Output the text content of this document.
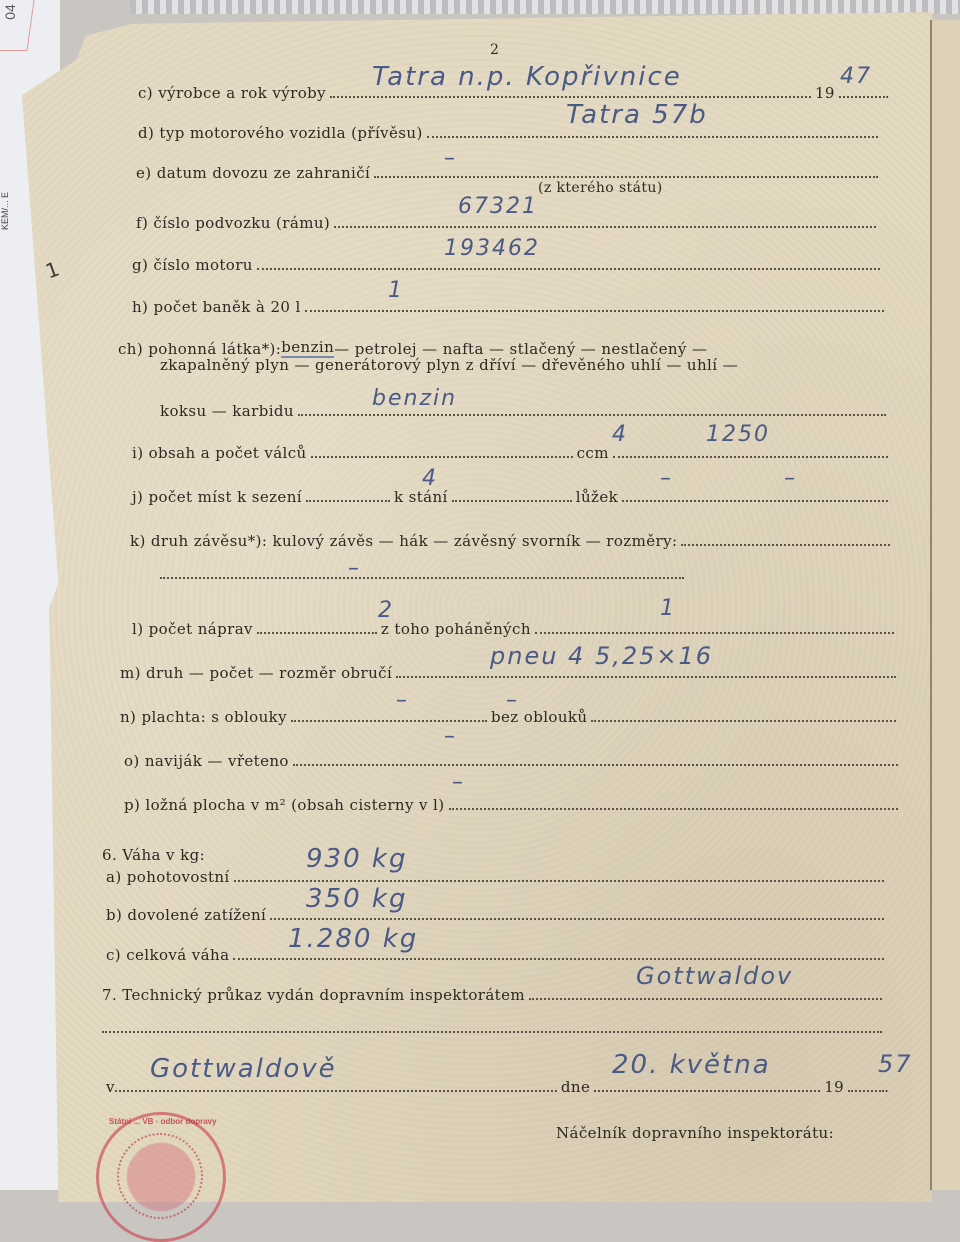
04
KEM/... E
2
1
c) výrobce a rok výroby	19	.
Tatra n.p. Kopřivnice	47
d) typ motorového vozidla (přívěsu)
Tatra 57b
e) datum dovozu ze zahraničí
–
(z kterého státu)
f) číslo podvozku (rámu)
67321
g) číslo motoru
193462
h) počet baněk à 20 l
1
ch) pohonná látka*): benzin — petrolej — nafta — stlačený — nestlačený —
zkapalněný plyn — generátorový plyn z dříví — dřevěného uhlí — uhlí —
koksu — karbidu	benzin
i) obsah a počet válců	ccm
4	1250
j) počet míst k sezení	k stání	lůžek
4	–	–
k) druh závěsu*): kulový závěs — hák — závěsný svorník — rozměry:
–
l) počet náprav	z toho poháněných
2	1
m) druh — počet — rozměr obručí
pneu 4 5,25×16
n) plachta: s oblouky	bez oblouků
–	–
o) naviják — vřeteno
–
p) ložná plocha v m² (obsah cisterny v l)
–
6. Váha v kg:
a) pohotovostní
930 kg
b) dovolené zatížení
350 kg
c) celková váha
1.280 kg
7. Technický průkaz vydán dopravním inspektorátem
Gottwaldov
v	dne	19	.
Gottwaldově	20. května	57
Náčelník dopravního inspektorátu:
Státní ... VB · odbor dopravy
